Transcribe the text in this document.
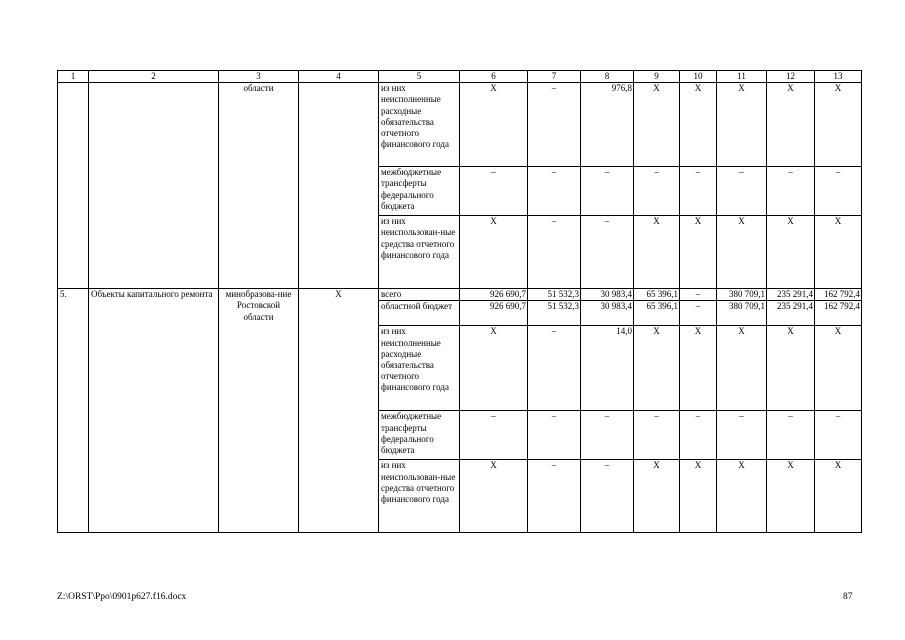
1	2	3	4	5	6	7	8	9	10	11	12	13
		области		из них неисполненные расходные обязательства отчетного финансового года	Х	–	976,8	Х	Х	Х	Х	Х
				межбюджетные трансферты федерального бюджета	–	–	–	–	–	–	–	–
				из них неиспользован-ные средства отчетного финансового года	Х	–	–	Х	Х	Х	Х	Х
5.	Объекты капитального ремонта	минобразова-ние Ростовской области	Х	всего	926 690,7	51 532,3	30 983,4	65 396,1	–	380 709,1	235 291,4	162 792,4
				областной бюджет	926 690,7	51 532,3	30 983,4	65 396,1	–	380 709,1	235 291,4	162 792,4
				из них неисполненные расходные обязательства отчетного финансового года	Х	–	14,0	Х	Х	Х	Х	Х
				межбюджетные трансферты федерального бюджета	–	–	–	–	–	–	–	–
				из них неиспользован-ные средства отчетного финансового года	Х	–	–	Х	Х	Х	Х	Х
Z:\ORST\Ppo\0901p627.f16.docx	87
